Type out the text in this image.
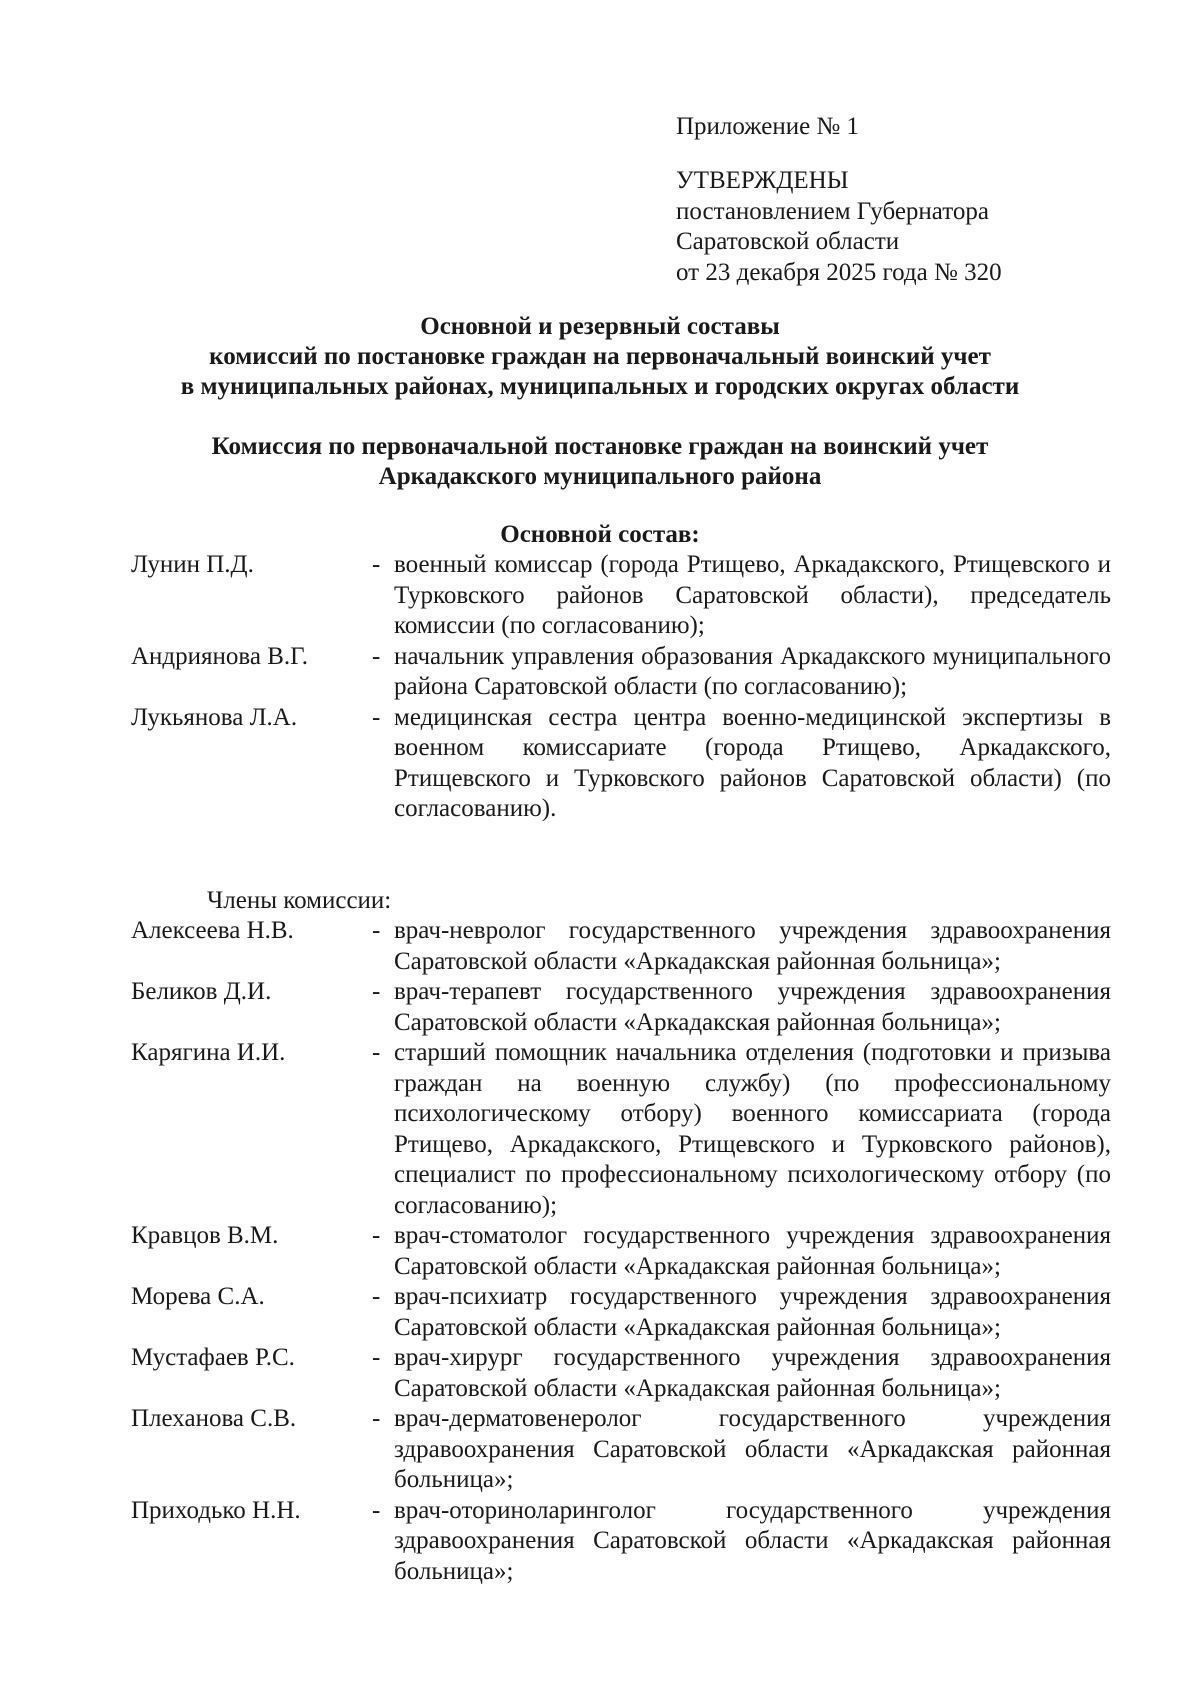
Приложение № 1
УТВЕРЖДЕНЫ
постановлением Губернатора
Саратовской области
от 23 декабря 2025 года № 320
Основной и резервный составы
комиссий по постановке граждан на первоначальный воинский учет
в муниципальных районах, муниципальных и городских округах области
Комиссия по первоначальной постановке граждан на воинский учет
Аркадакского муниципального района
Основной состав:
Лунин П.Д.	- военный комиссар (города Ртищево, Аркадакского, Ртищевского и Турковского районов Саратовской области), председатель комиссии (по согласованию);
Андриянова В.Г.	- начальник управления образования Аркадакского муниципального района Саратовской области (по согласованию);
Лукьянова Л.А.	- медицинская сестра центра военно-медицинской экспертизы в военном комиссариате (города Ртищево, Аркадакского, Ртищевского и Турковского районов Саратовской области) (по согласованию).
Члены комиссии:
Алексеева Н.В.	- врач-невролог государственного учреждения здравоохранения Саратовской области «Аркадакская районная больница»;
Беликов Д.И.	- врач-терапевт государственного учреждения здравоохранения Саратовской области «Аркадакская районная больница»;
Карягина И.И.	- старший помощник начальника отделения (подготовки и призыва граждан на военную службу) (по профессиональному психологическому отбору) военного комиссариата (города Ртищево, Аркадакского, Ртищевского и Турковского районов), специалист по профессиональному психологическому отбору (по согласованию);
Кравцов В.М.	- врач-стоматолог государственного учреждения здравоохранения Саратовской области «Аркадакская районная больница»;
Морева С.А.	- врач-психиатр государственного учреждения здравоохранения Саратовской области «Аркадакская районная больница»;
Мустафаев Р.С.	- врач-хирург государственного учреждения здравоохранения Саратовской области «Аркадакская районная больница»;
Плеханова С.В.	- врач-дерматовенеролог государственного учреждения здравоохранения Саратовской области «Аркадакская районная больница»;
Приходько Н.Н.	- врач-оториноларинголог государственного учреждения здравоохранения Саратовской области «Аркадакская районная больница»;
